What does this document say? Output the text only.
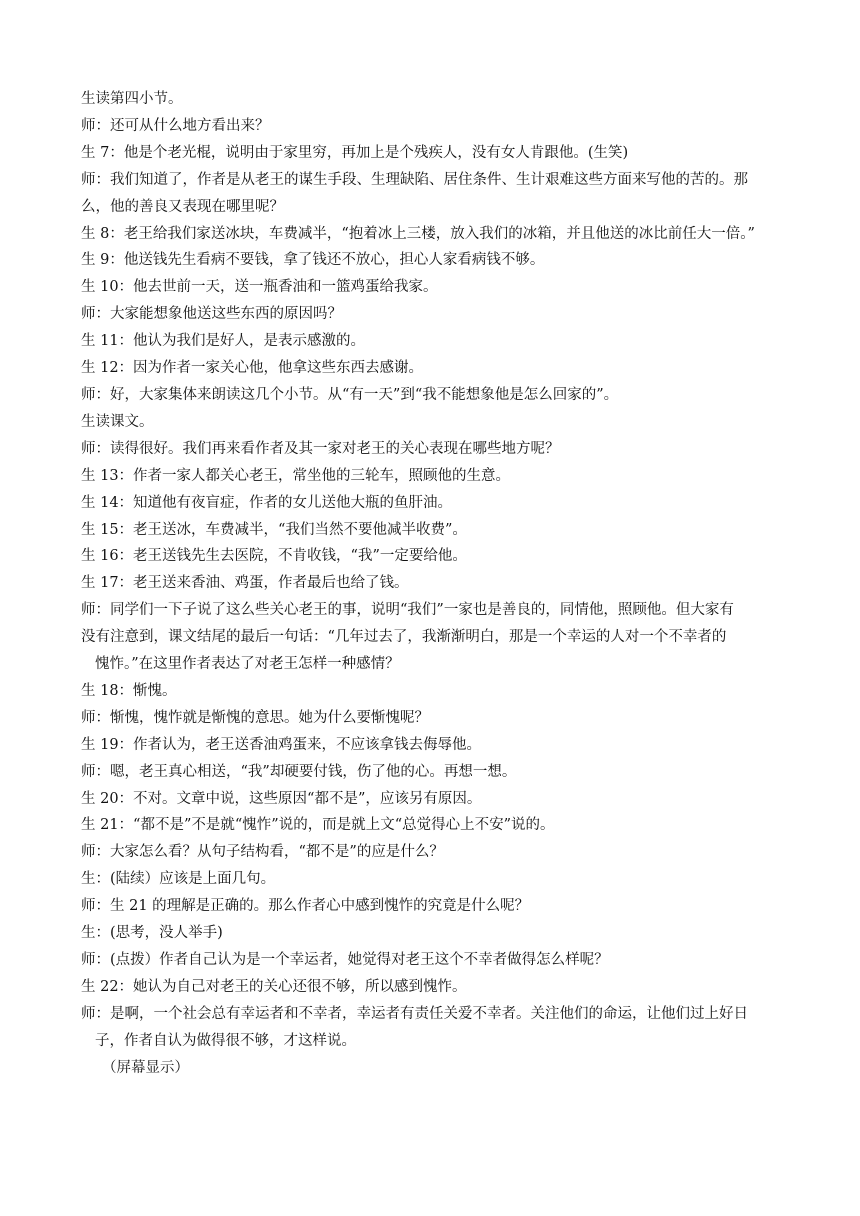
生读第四小节。
师：还可从什么地方看出来？
生 7：他是个老光棍，说明由于家里穷，再加上是个残疾人，没有女人肯跟他。(生笑)
师：我们知道了，作者是从老王的谋生手段、生理缺陷、居住条件、生计艰难这些方面来写他的苦的。那
么，他的善良又表现在哪里呢？
生 8：老王给我们家送冰块，车费减半，“抱着冰上三楼，放入我们的冰箱，并且他送的冰比前任大一倍。”
生 9：他送钱先生看病不要钱，拿了钱还不放心，担心人家看病钱不够。
生 10：他去世前一天，送一瓶香油和一篮鸡蛋给我家。
师：大家能想象他送这些东西的原因吗？
生 11：他认为我们是好人，是表示感激的。
生 12：因为作者一家关心他，他拿这些东西去感谢。
师：好，大家集体来朗读这几个小节。从“有一天”到“我不能想象他是怎么回家的”。
生读课文。
师：读得很好。我们再来看作者及其一家对老王的关心表现在哪些地方呢？
生 13：作者一家人都关心老王，常坐他的三轮车，照顾他的生意。
生 14：知道他有夜盲症，作者的女儿送他大瓶的鱼肝油。
生 15：老王送冰，车费减半，“我们当然不要他减半收费”。
生 16：老王送钱先生去医院，不肯收钱，“我”一定要给他。
生 17：老王送来香油、鸡蛋，作者最后也给了钱。
师：同学们一下子说了这么些关心老王的事，说明“我们”一家也是善良的，同情他，照顾他。但大家有
没有注意到，课文结尾的最后一句话：“几年过去了，我渐渐明白，那是一个幸运的人对一个不幸者的
愧怍。”在这里作者表达了对老王怎样一种感情？
生 18：惭愧。
师：惭愧，愧怍就是惭愧的意思。她为什么要惭愧呢？
生 19：作者认为，老王送香油鸡蛋来，不应该拿钱去侮辱他。
师：嗯，老王真心相送，“我”却硬要付钱，伤了他的心。再想一想。
生 20：不对。文章中说，这些原因“都不是”，应该另有原因。
生 21：“都不是”不是就“愧怍”说的，而是就上文“总觉得心上不安”说的。
师：大家怎么看？从句子结构看，“都不是”的应是什么？
生：(陆续）应该是上面几句。
师：生 21 的理解是正确的。那么作者心中感到愧怍的究竟是什么呢？
生：(思考，没人举手)
师：(点拨）作者自己认为是一个幸运者，她觉得对老王这个不幸者做得怎么样呢？
生 22：她认为自己对老王的关心还很不够，所以感到愧怍。
师：是啊，一个社会总有幸运者和不幸者，幸运者有责任关爱不幸者。关注他们的命运，让他们过上好日
子，作者自认为做得很不够，才这样说。
（屏幕显示）
